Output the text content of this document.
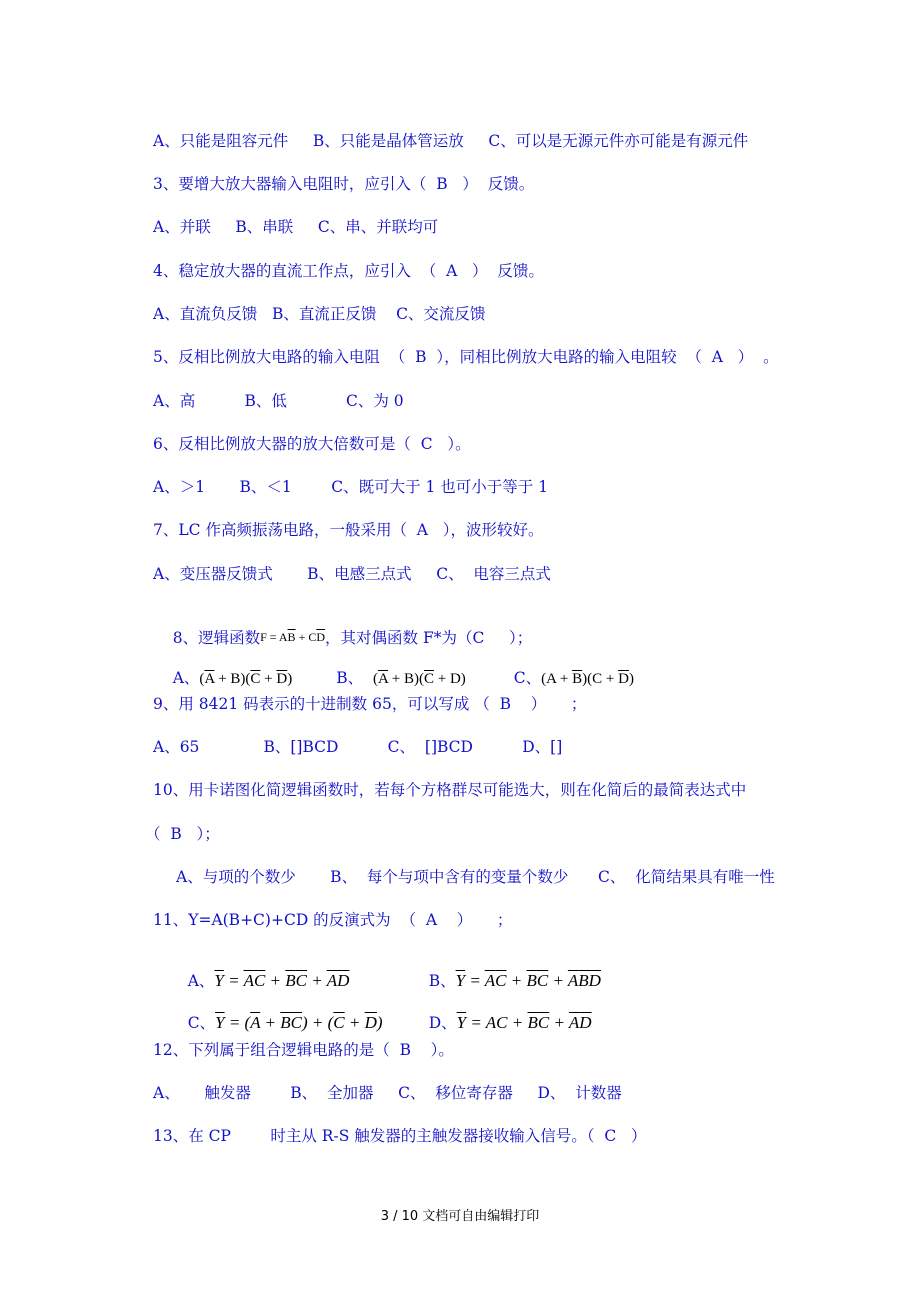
A、只能是阻容元件     B、只能是晶体管运放     C、可以是无源元件亦可能是有源元件
3、要增大放大器输入电阻时，应引入（  B   ）  反馈。
A、并联     B、串联     C、串、并联均可
4、稳定放大器的直流工作点，应引入  （  A   ）  反馈。
A、直流负反馈   B、直流正反馈    C、交流反馈
5、反相比例放大电路的输入电阻  （  B  ），同相比例放大电路的输入电阻较  （  A   ）  。
A、高          B、低            C、为 0
6、反相比例放大器的放大倍数可是（  C   ）。
A、＞1       B、＜1        C、既可大于 1 也可小于等于 1
7、LC 作高频振荡电路，一般采用（  A   ），波形较好。
A、变压器反馈式       B、电感三点式     C、  电容三点式

8、逻辑函数$F = A\overline{B} + C\overline{D}$，其对偶函数 F*为（C     ）；

A、$(\overline{A} + B)(\overline{C} + \overline{D})$	B、 $(\overline{A} + B)(\overline{C} + D)$	C、$(A + \overline{B})(C + \overline{D})$

9、用 8421 码表示的十进制数 65，可以写成 （  B    ）     ；
A、65             B、[]BCD          C、  []BCD          D、[]
10、用卡诺图化简逻辑函数时，若每个方格群尽可能选大，则在化简后的最简表达式中
（  B   ）；
A、与项的个数少       B、  每个与项中含有的变量个数少      C、  化简结果具有唯一性
11、Y=A(B+C)+CD 的反演式为  （  A    ）     ；

A、$\overline{Y} = \overline{A}\overline{C} + \overline{B}\overline{C} + \overline{A}\overline{D}$
	B、$\overline{Y} = \overline{A}\overline{C} + \overline{B}\overline{C} + \overline{A}\overline{BD}$

C、$\overline{Y} = (\overline{A} + \overline{B}\overline{C}) + (\overline{C} + \overline{D})$
	D、$\overline{Y}$ = AC + $\overline{B}\overline{C} + \overline{A}\overline{D}$

12、下列属于组合逻辑电路的是（  B    ）。
A、     触发器        B、  全加器     C、  移位寄存器     D、  计数器
13、在 CP        时主从 R-S 触发器的主触发器接收输入信号。（  C   ）
3 / 10 文档可自由编辑打印
